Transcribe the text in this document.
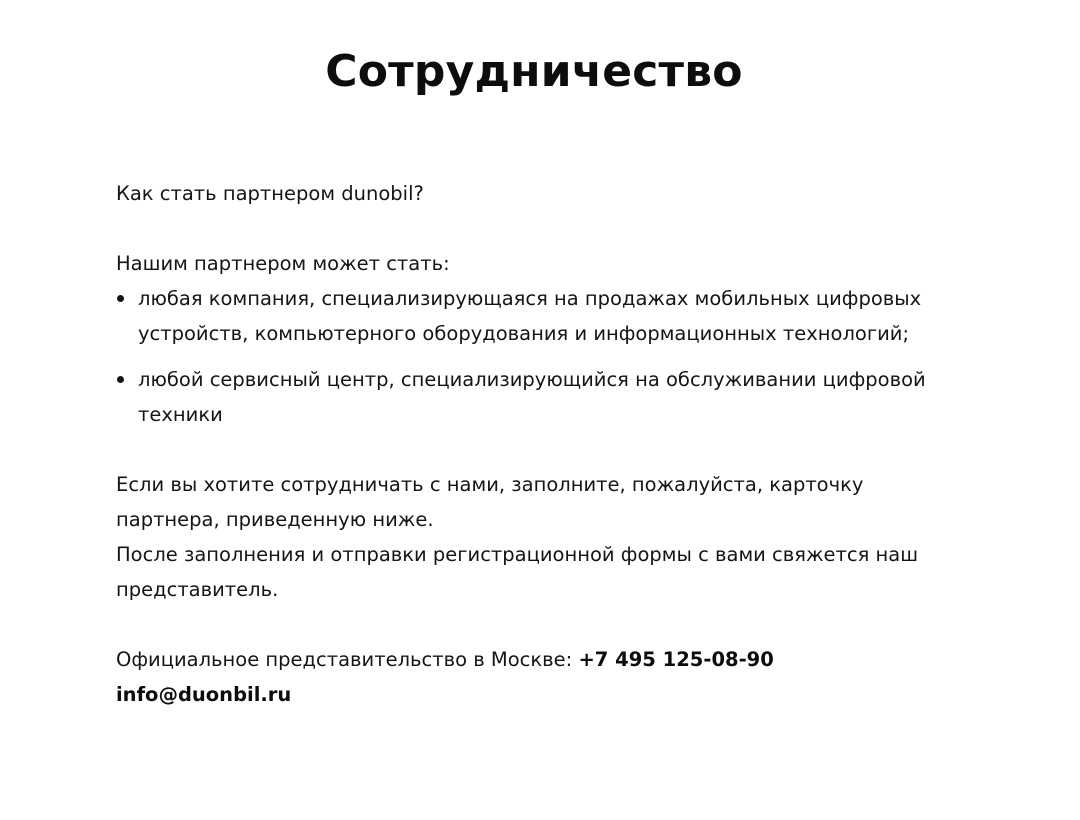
Сотрудничество

Как стать партнером dunobil?

Нашим партнером может стать:

любая компания, специализирующаяся на продажах мобильных цифровых устройств, компьютерного оборудования и информационных технологий;
любой сервисный центр, специализирующийся на обслуживании цифровой техники

Если вы хотите сотрудничать с нами, заполните, пожалуйста, карточку партнера, приведенную ниже.

После заполнения и отправки регистрационной формы с вами свяжется наш представитель.

Официальное представительство в Москве: +7 495 125-08-90

info@duonbil.ru
